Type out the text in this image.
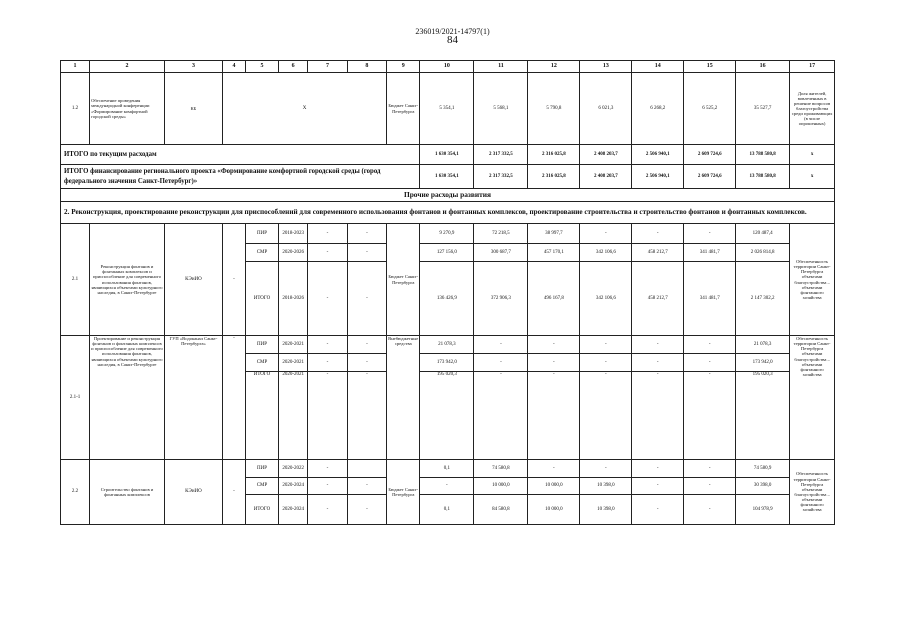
236019/2021-14797(1)
84
1	2	3	4	5	6	7	8	9	10	11	12	13	14	15	16	17
1.2	Обеспечение проведения международной конференции «Формирование комфортной городской среды»	КБ	Х					Бюджет Санкт-Петербурга	5 354,1	5 568,1	5 790,8	6 021,3	6 268,2	6 525,2	35 527,7	Доля жителей, вовлеченных в решение вопросов благоустройства среди проживающих (в числе опрошенных)
ИТОГО по текущим расходам									1 630 354,1	2 317 332,5	2 316 025,8	2 408 203,7	2 506 940,1	2 609 724,6	13 788 580,8	х
ИТОГО финансирование регионального проекта «Формирование комфортной городской среды (город федерального значения Санкт-Петербург)»									1 630 354,1	2 317 332,5	2 316 025,8	2 408 203,7	2 506 940,1	2 609 724,6	13 788 580,8	х
Прочие расходы развития																
2. Реконструкция, проектирование реконструкции для приспособлений для современного использования фонтанов и фонтанных комплексов, проектирование строительства и строительство фонтанов и фонтанных комплексов.																
2.1	Реконструкция фонтанов и фонтанных комплексов и приспособление для современного использования фонтанов, являющихся объектами культурного наследия, в Санкт-Петербурге	КЭиИО	-	ПИР	2018-2023	-	-	Бюджет Санкт-Петербурга	9 270,9	72 218,5	38 997,7	-	-	-	120 487,4	Обеспеченность территории Санкт-Петербурга объектами благоустройства – объектами фонтанного хозяйства
				СМР	2020-2026	-	-		127 156,0	300 687,7	457 170,1	342 106,6	458 212,7	341 481,7	2 026 814,8	
				ИТОГО	2018-2026	-	-		136 426,9	372 906,3	496 167,8	342 106,6	458 212,7	341 481,7	2 147 302,2	
2.1-1	Проектирование и реконструкция фонтанов и фонтанных комплексов и приспособление для современного использования фонтанов, являющихся объектами культурного наследия, в Санкт-Петербурге	ГУП «Водоканал Санкт-Петербурга»	-	ПИР	2020-2021	-	-	Внебюджетные средства	21 078,3	-	-	-	-	-	21 078,3	Обеспеченность территории Санкт-Петербурга объектами благоустройства – объектами фонтанного хозяйства
				СМР	2020-2021	-	-		173 942,0	-	-	-	-	-	173 942,0	
				ИТОГО	2020-2021	-	-		195 020,3	-	-	-	-	-	195 020,3	
2.2	Строительство фонтанов и фонтанных комплексов	КЭиИО	-	ПИР	2020-2022	-		Бюджет Санкт-Петербурга	0,1	74 580,8	-	-	-	-	74 580,9	Обеспеченность территории Санкт-Петербурга объектами благоустройства – объектами фонтанного хозяйства
				СМР	2020-2024	-	-		-	10 000,0	10 000,0	10 398,0	-	-	30 398,0	
				ИТОГО	2020-2024	-	-		0,1	84 580,8	10 000,0	10 398,0	-	-	104 978,9	
